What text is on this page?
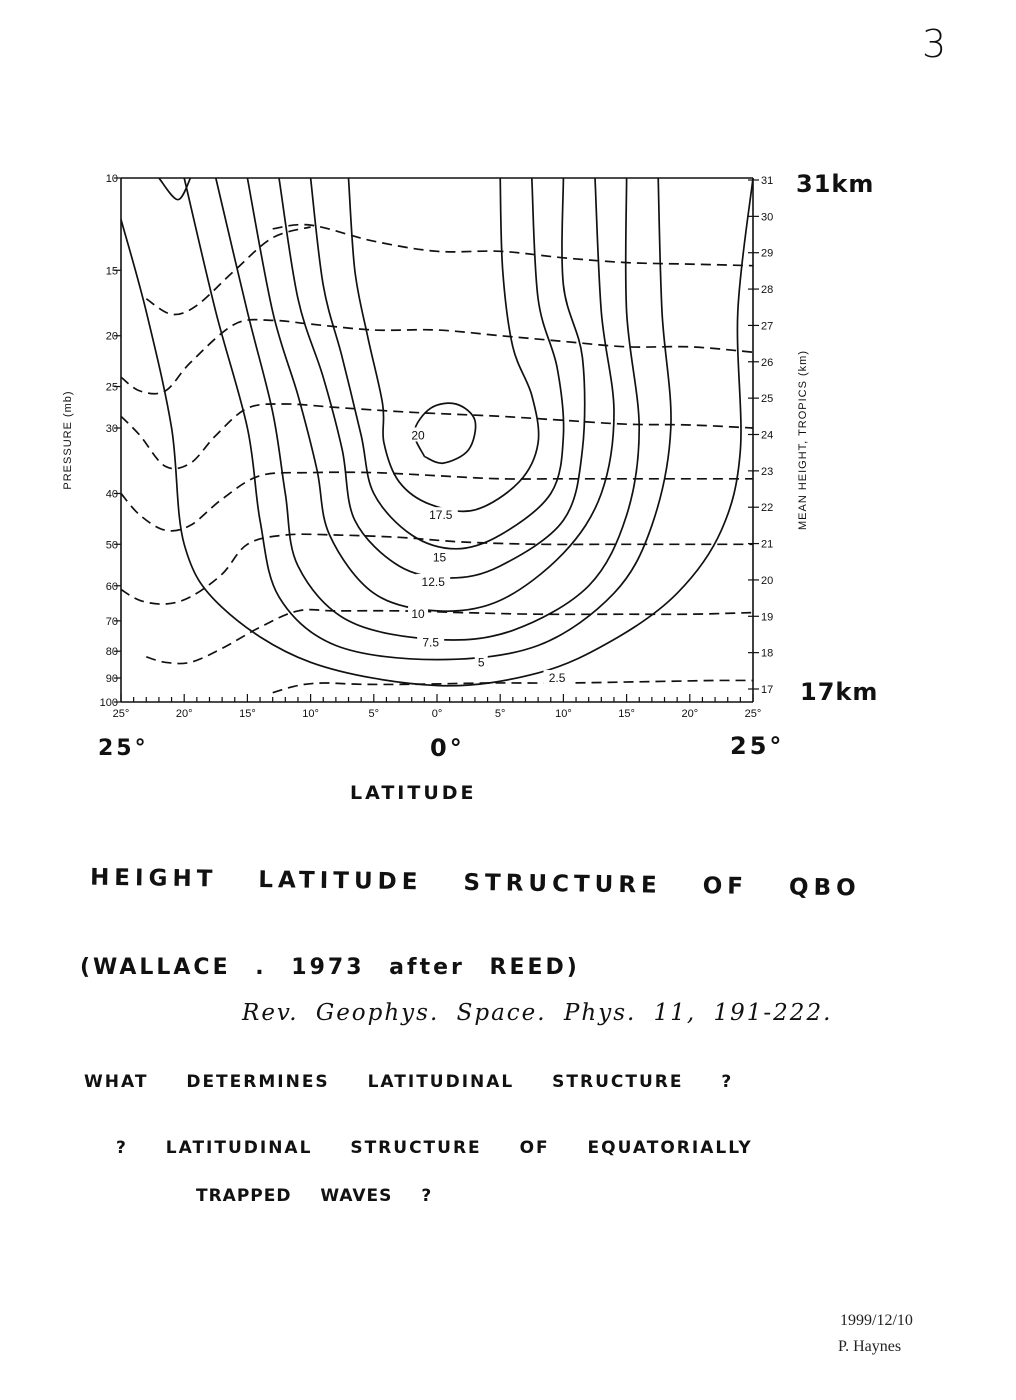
20
17.5
15
12.5
10
7.5
5
2.5
25°	20°	15°	10°	5°	0°	5°	10°	15°	20°	25°
10
15
20
25
30
40
50
60
70
80
90
100
31
30
29
28
27
26
25
24
23
22
21
20
19
18
17
PRESSURE (mb)	MEAN HEIGHT, TROPICS (km)
3
31km
17km
25°	0°	25°
LATITUDE
HEIGHT LATITUDE STRUCTURE OF QBO
(WALLACE . 1973 after REED)
Rev. Geophys. Space. Phys. 11, 191-222.
WHAT DETERMINES LATITUDINAL STRUCTURE ?
? LATITUDINAL STRUCTURE OF EQUATORIALLY
TRAPPED WAVES ?
1999/12/10
P. Haynes
